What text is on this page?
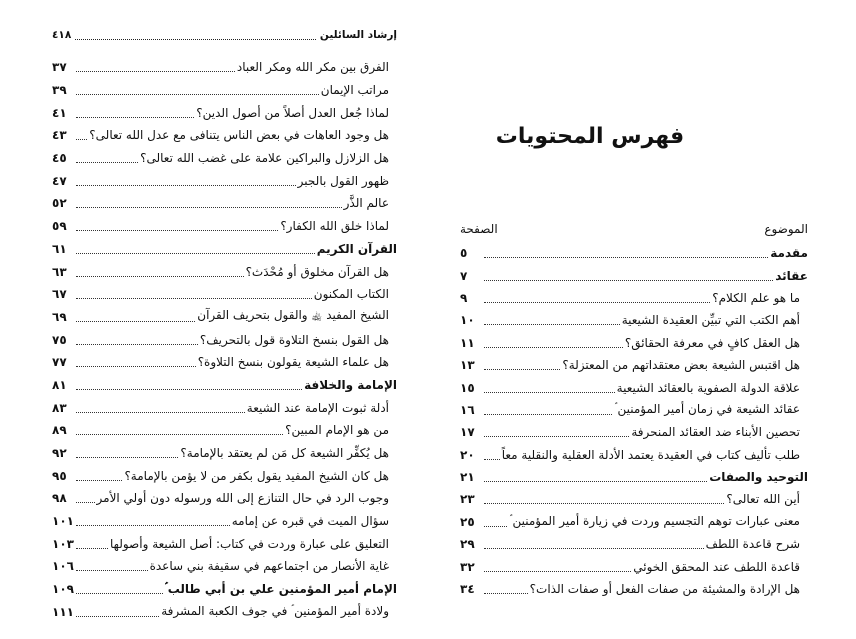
إرشاد السائلين
٤١٨
الفرق بين مكر الله ومكر العباد
٣٧
مراتب الإيمان
٣٩
لماذا جُعل العدل أصلاً من أصول الدين؟
٤١
هل وجود العاهات في بعض الناس يتنافى مع عدل الله تعالى؟
٤٣
هل الزلازل والبراكين علامة على غضب الله تعالى؟
٤٥
ظهور القول بالجبر
٤٧
عالم الذَّر
٥٢
لماذا خلق الله الكفار؟
٥٩
القرآن الكريم
٦١
هل القرآن مخلوق أو مُحْدَث؟
٦٣
الكتاب المكنون
٦٧
الشيخ المفيد ﵀ والقول بتحريف القرآن
٦٩
هل القول بنسخ التلاوة قول بالتحريف؟
٧٥
هل علماء الشيعة يقولون بنسخ التلاوة؟
٧٧
الإمامة والخلافة
٨١
أدلة ثبوت الإمامة عند الشيعة
٨٣
من هو الإمام المبين؟
٨٩
هل يُكفِّر الشيعة كل مَن لم يعتقد بالإمامة؟
٩٢
هل كان الشيخ المفيد يقول بكفر من لا يؤمن بالإمامة؟
٩٥
وجوب الرد في حال التنازع إلى الله ورسوله دون أولي الأمر
٩٨
سؤال الميت في قبره عن إمامه
١٠١
التعليق على عبارة وردت في كتاب: أصل الشيعة وأصولها
١٠٣
غاية الأنصار من اجتماعهم في سقيفة بني ساعدة
١٠٦
الإمام أمير المؤمنين علي بن أبي طالب ؑ
١٠٩
ولادة أمير المؤمنين ؑ في جوف الكعبة المشرفة
١١١
فهرس المحتويات
الموضوع
الصفحة
مقدمة
٥
عقائد
٧
ما هو علم الكلام؟
٩
أهم الكتب التي تبيِّن العقيدة الشيعية
١٠
هل العقل كافٍ في معرفة الحقائق؟
١١
هل اقتبس الشيعة بعض معتقداتهم من المعتزلة؟
١٣
علاقة الدولة الصفوية بالعقائد الشيعية
١٥
عقائد الشيعة في زمان أمير المؤمنين ؑ
١٦
تحصين الأبناء ضد العقائد المنحرفة
١٧
طلب تأليف كتاب في العقيدة يعتمد الأدلة العقلية والنقلية معاً
٢٠
التوحيد والصفات
٢١
أين الله تعالى؟
٢٣
معنى عبارات توهم التجسيم وردت في زيارة أمير المؤمنين ؑ
٢٥
شرح قاعدة اللطف
٢٩
قاعدة اللطف عند المحقق الخوئي
٣٢
هل الإرادة والمشيئة من صفات الفعل أو صفات الذات؟
٣٤
